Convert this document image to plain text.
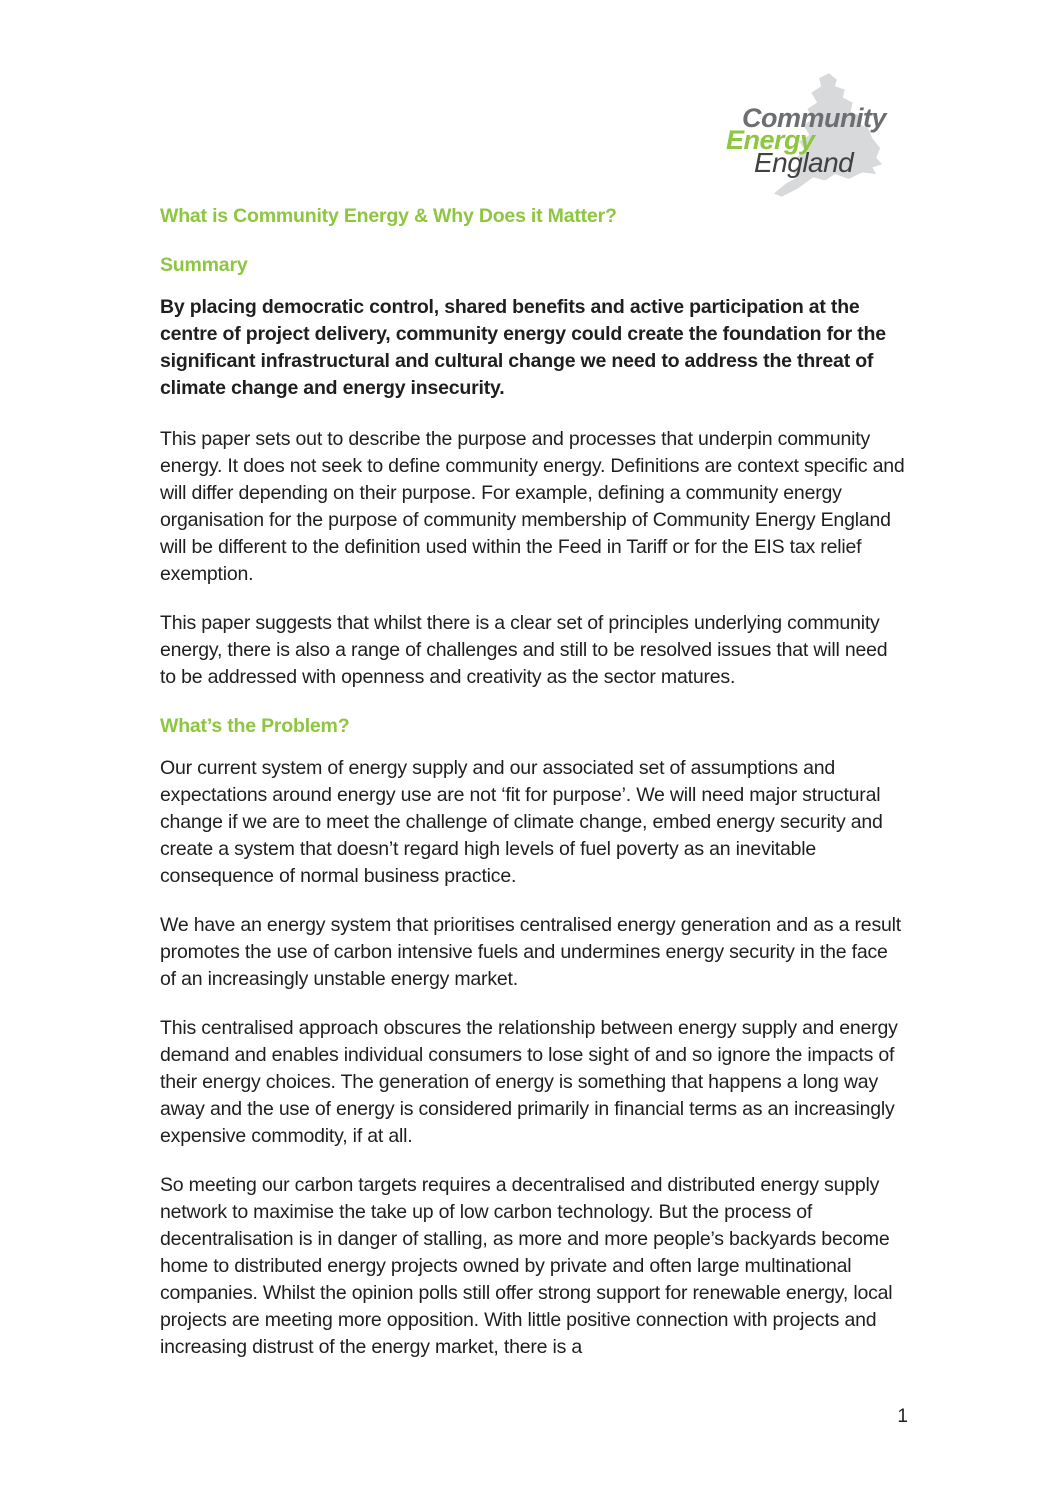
Community
Energy
England
What is Community Energy & Why Does it Matter?
Summary

By placing democratic control, shared benefits and active participation at the centre of project delivery, community energy could create the foundation for the significant infrastructural and cultural change we need to address the threat of climate change and energy insecurity.

This paper sets out to describe the purpose and processes that underpin community energy. It does not seek to define community energy. Definitions are context specific and will differ depending on their purpose. For example, defining a community energy organisation for the purpose of community membership of Community Energy England will be different to the definition used within the Feed in Tariff or for the EIS tax relief exemption.

This paper suggests that whilst there is a clear set of principles underlying community energy, there is also a range of challenges and still to be resolved issues that will need to be addressed with openness and creativity as the sector matures.

What’s the Problem?

Our current system of energy supply and our associated set of assumptions and expectations around energy use are not ‘fit for purpose’. We will need major structural change if we are to meet the challenge of climate change, embed energy security and create a system that doesn’t regard high levels of fuel poverty as an inevitable consequence of normal business practice.

We have an energy system that prioritises centralised energy generation and as a result promotes the use of carbon intensive fuels and undermines energy security in the face of an increasingly unstable energy market.

This centralised approach obscures the relationship between energy supply and energy demand and enables individual consumers to lose sight of and so ignore the impacts of their energy choices. The generation of energy is something that happens a long way away and the use of energy is considered primarily in financial terms as an increasingly expensive commodity, if at all.

So meeting our carbon targets requires a decentralised and distributed energy supply network to maximise the take up of low carbon technology. But the process of decentralisation is in danger of stalling, as more and more people’s backyards become home to distributed energy projects owned by private and often large multinational companies. Whilst the opinion polls still offer strong support for renewable energy, local projects are meeting more opposition. With little positive connection with projects and increasing distrust of the energy market, there is a

1
